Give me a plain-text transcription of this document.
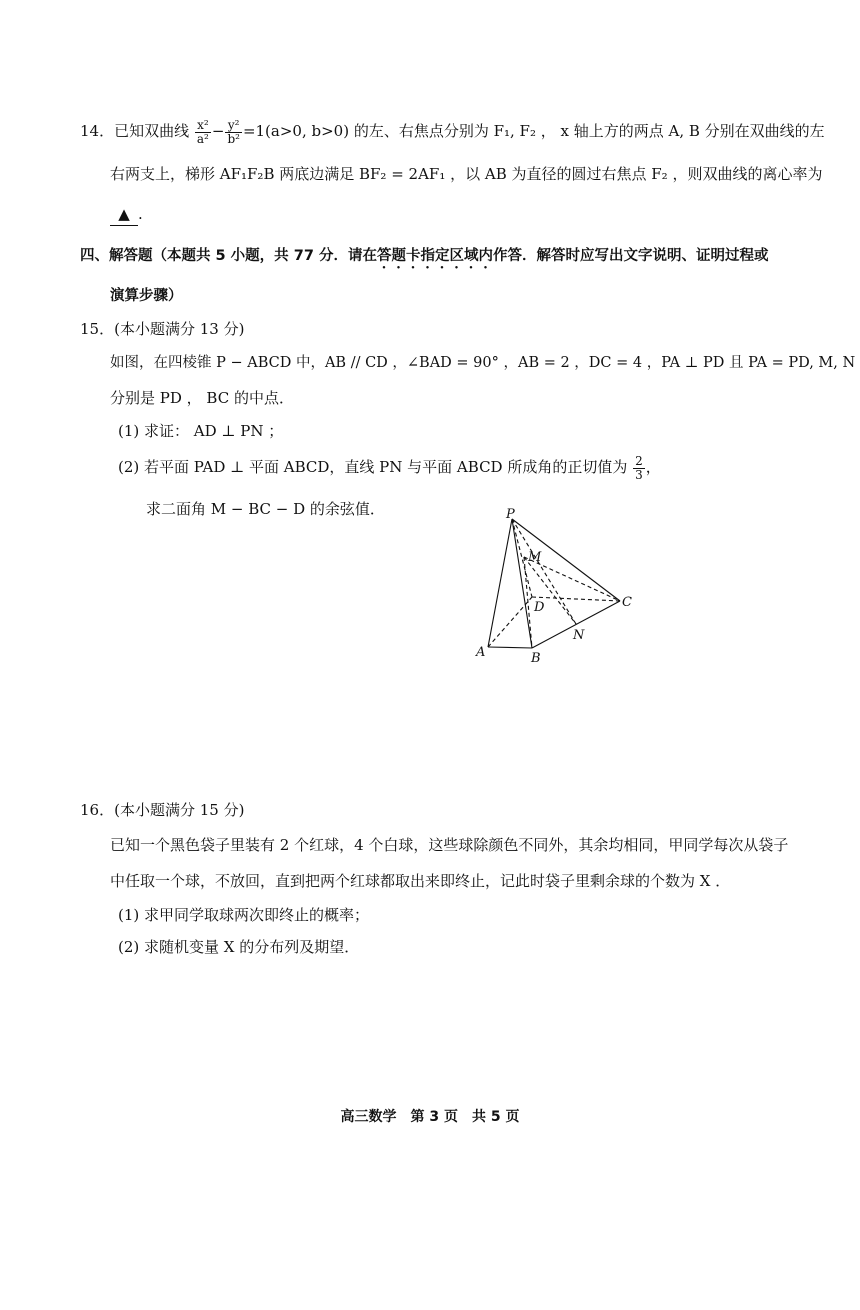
14．已知双曲线 $\frac{\text{x²}}{\text{a²}} - \frac{\text{y²}}{\text{b²}} =1(a>0$, b>0) 的左、右焦点分别为 F₁, F₂ ， x 轴上方的两点 A, B 分别在双曲线的左
右两支上，梯形 AF₁F₂B 两底边满足 BF₂ = 2AF₁ ，以 AB 为直径的圆过右焦点 F₂ ，则双曲线的离心率为
▲ .
四、解答题（本题共 5 小题，共 77 分．请在答题卡指定区域内作答．解答时应写出文字说明、证明过程或
演算步骤）
15．(本小题满分 13 分)
如图，在四棱锥 P − ABCD 中，AB // CD ，∠BAD = 90° ，AB = 2 ，DC = 4 ，PA ⊥ PD 且 PA = PD, M, N
分别是 PD ， BC 的中点．
(1) 求证： AD ⊥ PN ；
(2) 若平面 PAD ⊥ 平面 ABCD，直线 PN 与平面 ABCD 所成角的正切值为 $\frac{2}{3}$ ，
求二面角 M − BC − D 的余弦值．	P
M
D	C
N
A	B
16．(本小题满分 15 分)
已知一个黑色袋子里装有 2 个红球，4 个白球，这些球除颜色不同外，其余均相同，甲同学每次从袋子
中任取一个球，不放回，直到把两个红球都取出来即终止，记此时袋子里剩余球的个数为 X ．
(1) 求甲同学取球两次即终止的概率；
(2) 求随机变量 X 的分布列及期望．
高三数学　第 3 页　共 5 页
